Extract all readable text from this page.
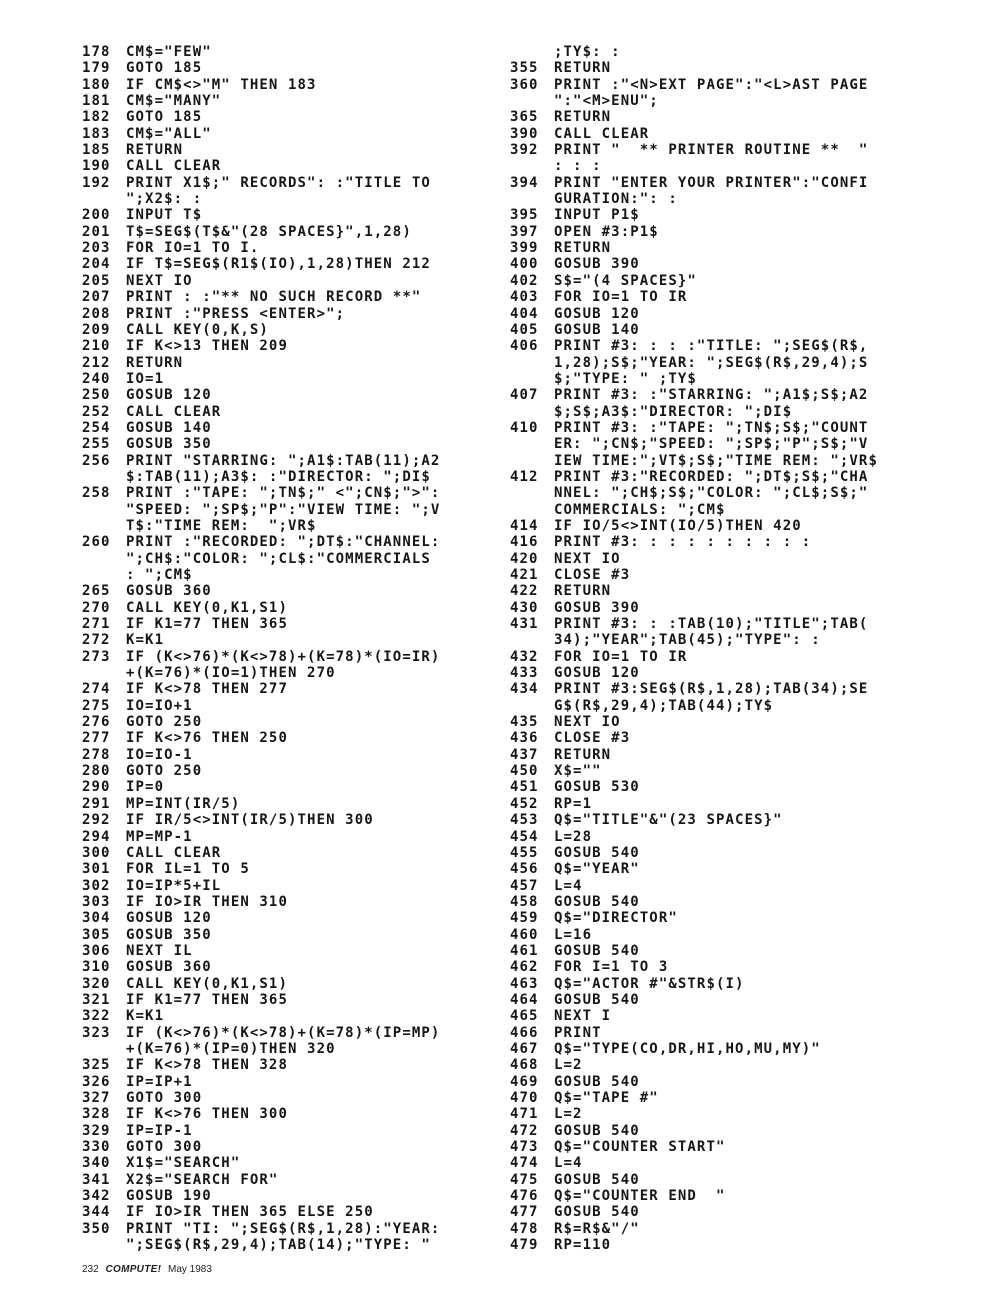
178	CM$="FEW"
179	GOTO 185
180	IF CM$<>"M" THEN 183
181	CM$="MANY"
182	GOTO 185
183	CM$="ALL"
185	RETURN
190	CALL CLEAR
192	PRINT X1$;" RECORDS": :"TITLE TO
";X2$: :
200	INPUT T$
201	T$=SEG$(T$&"(28 SPACES}",1,28)
203	FOR IO=1 TO I.
204	IF T$=SEG$(R1$(IO),1,28)THEN 212
205	NEXT IO
207	PRINT : :"** NO SUCH RECORD **"
208	PRINT :"PRESS <ENTER>";
209	CALL KEY(0,K,S)
210	IF K<>13 THEN 209
212	RETURN
240	IO=1
250	GOSUB 120
252	CALL CLEAR
254	GOSUB 140
255	GOSUB 350
256	PRINT "STARRING: ";A1$:TAB(11);A2
$:TAB(11);A3$: :"DIRECTOR: ";DI$
258	PRINT :"TAPE: ";TN$;" <";CN$;">":
"SPEED: ";SP$;"P":"VIEW TIME: ";V
T$:"TIME REM:  ";VR$
260	PRINT :"RECORDED: ";DT$:"CHANNEL:
";CH$:"COLOR: ";CL$:"COMMERCIALS
: ";CM$
265	GOSUB 360
270	CALL KEY(0,K1,S1)
271	IF K1=77 THEN 365
272	K=K1
273	IF (K<>76)*(K<>78)+(K=78)*(IO=IR)
+(K=76)*(IO=1)THEN 270
274	IF K<>78 THEN 277
275	IO=IO+1
276	GOTO 250
277	IF K<>76 THEN 250
278	IO=IO-1
280	GOTO 250
290	IP=0
291	MP=INT(IR/5)
292	IF IR/5<>INT(IR/5)THEN 300
294	MP=MP-1
300	CALL CLEAR
301	FOR IL=1 TO 5
302	IO=IP*5+IL
303	IF IO>IR THEN 310
304	GOSUB 120
305	GOSUB 350
306	NEXT IL
310	GOSUB 360
320	CALL KEY(0,K1,S1)
321	IF K1=77 THEN 365
322	K=K1
323	IF (K<>76)*(K<>78)+(K=78)*(IP=MP)
+(K=76)*(IP=0)THEN 320
325	IF K<>78 THEN 328
326	IP=IP+1
327	GOTO 300
328	IF K<>76 THEN 300
329	IP=IP-1
330	GOTO 300
340	X1$="SEARCH"
341	X2$="SEARCH FOR"
342	GOSUB 190
344	IF IO>IR THEN 365 ELSE 250
350	PRINT "TI: ";SEG$(R$,1,28):"YEAR:
";SEG$(R$,29,4);TAB(14);"TYPE: "
;TY$: :
355	RETURN
360	PRINT :"<N>EXT PAGE":"<L>AST PAGE
":"<M>ENU";
365	RETURN
390	CALL CLEAR
392	PRINT "  ** PRINTER ROUTINE **  "
: : :
394	PRINT "ENTER YOUR PRINTER":"CONFI
GURATION:": :
395	INPUT P1$
397	OPEN #3:P1$
399	RETURN
400	GOSUB 390
402	S$="(4 SPACES}"
403	FOR IO=1 TO IR
404	GOSUB 120
405	GOSUB 140
406	PRINT #3: : : :"TITLE: ";SEG$(R$,
1,28);S$;"YEAR: ";SEG$(R$,29,4);S
$;"TYPE: " ;TY$
407	PRINT #3: :"STARRING: ";A1$;S$;A2
$;S$;A3$:"DIRECTOR: ";DI$
410	PRINT #3: :"TAPE: ";TN$;S$;"COUNT
ER: ";CN$;"SPEED: ";SP$;"P";S$;"V
IEW TIME:";VT$;S$;"TIME REM: ";VR$
412	PRINT #3:"RECORDED: ";DT$;S$;"CHA
NNEL: ";CH$;S$;"COLOR: ";CL$;S$;"
COMMERCIALS: ";CM$
414	IF IO/5<>INT(IO/5)THEN 420
416	PRINT #3: : : : : : : : : :
420	NEXT IO
421	CLOSE #3
422	RETURN
430	GOSUB 390
431	PRINT #3: : :TAB(10);"TITLE";TAB(
34);"YEAR";TAB(45);"TYPE": :
432	FOR IO=1 TO IR
433	GOSUB 120
434	PRINT #3:SEG$(R$,1,28);TAB(34);SE
G$(R$,29,4);TAB(44);TY$
435	NEXT IO
436	CLOSE #3
437	RETURN
450	X$=""
451	GOSUB 530
452	RP=1
453	Q$="TITLE"&"(23 SPACES}"
454	L=28
455	GOSUB 540
456	Q$="YEAR"
457	L=4
458	GOSUB 540
459	Q$="DIRECTOR"
460	L=16
461	GOSUB 540
462	FOR I=1 TO 3
463	Q$="ACTOR #"&STR$(I)
464	GOSUB 540
465	NEXT I
466	PRINT
467	Q$="TYPE(CO,DR,HI,HO,MU,MY)"
468	L=2
469	GOSUB 540
470	Q$="TAPE #"
471	L=2
472	GOSUB 540
473	Q$="COUNTER START"
474	L=4
475	GOSUB 540
476	Q$="COUNTER END  "
477	GOSUB 540
478	R$=R$&"/"
479	RP=110
232 COMPUTE! May 1983
